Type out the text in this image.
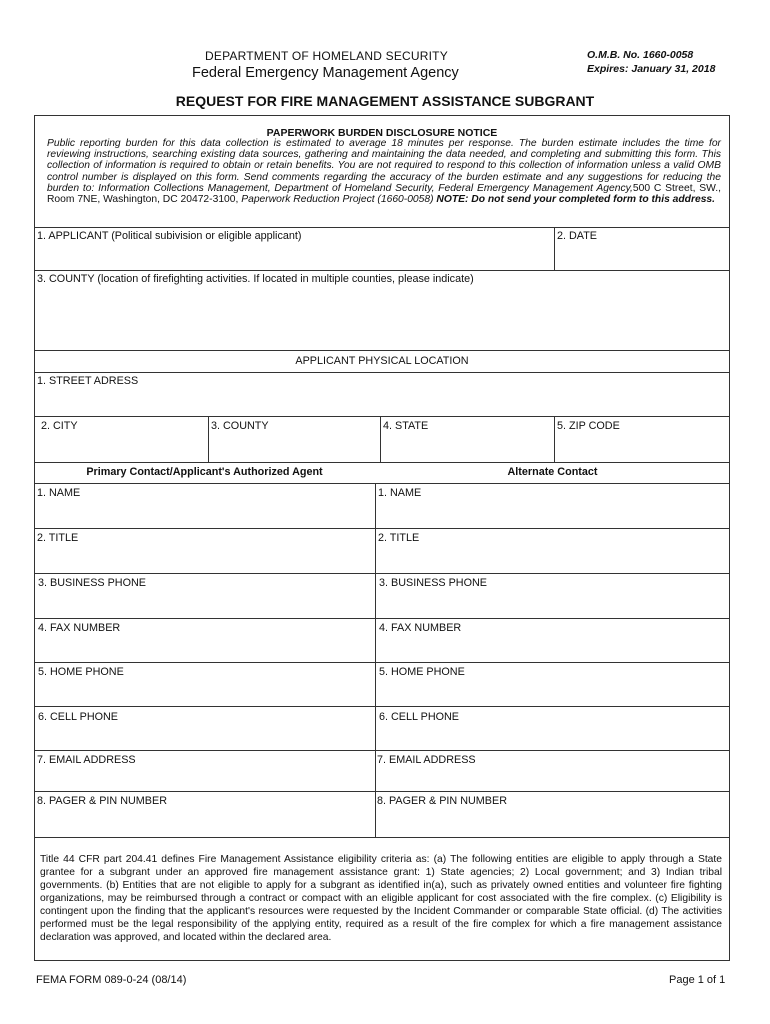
DEPARTMENT OF HOMELAND SECURITY
Federal Emergency Management Agency
O.M.B. No. 1660-0058
Expires: January 31, 2018
REQUEST FOR FIRE MANAGEMENT ASSISTANCE SUBGRANT
PAPERWORK BURDEN DISCLOSURE NOTICE
Public reporting burden for this data collection is estimated to average 18 minutes per response. The burden estimate includes the time for reviewing instructions, searching existing data sources, gathering and maintaining the data needed, and completing and submitting this form. This collection of information is required to obtain or retain benefits. You are not required to respond to this collection of information unless a valid OMB control number is displayed on this form. Send comments regarding the accuracy of the burden estimate and any suggestions for reducing the burden to: Information Collections Management, Department of Homeland Security, Federal Emergency Management Agency,500 C Street, SW., Room 7NE, Washington, DC 20472-3100, Paperwork Reduction Project (1660-0058) NOTE: Do not send your completed form to this address.
1. APPLICANT (Political subivision or eligible applicant)	2. DATE
3. COUNTY (location of firefighting activities. If located in multiple counties, please indicate)
APPLICANT PHYSICAL LOCATION
1. STREET ADRESS
2. CITY	3. COUNTY	4. STATE	5. ZIP CODE
Primary Contact/Applicant's Authorized Agent	Alternate Contact
1. NAME	1. NAME
2. TITLE	2. TITLE
3. BUSINESS PHONE	3. BUSINESS PHONE
4. FAX NUMBER	4. FAX NUMBER
5. HOME PHONE	5. HOME PHONE
6. CELL PHONE	6. CELL PHONE
7. EMAIL ADDRESS	7. EMAIL ADDRESS
8. PAGER & PIN NUMBER	8. PAGER & PIN NUMBER
Title 44 CFR part 204.41 defines Fire Management Assistance eligibility criteria as: (a) The following entities are eligible to apply through a State grantee for a subgrant under an approved fire management assistance grant: 1) State agencies; 2) Local government; and 3) Indian tribal governments. (b) Entities that are not eligible to apply for a subgrant as identified in(a), such as privately owned entities and volunteer fire fighting organizations, may be reimbursed through a contract or compact with an eligible applicant for cost associated with the fire complex. (c) Eligibility is contingent upon the finding that the applicant's resources were requested by the Incident Commander or comparable State official. (d) The activities performed must be the legal responsibility of the applying entity, required as a result of the fire complex for which a fire management assistance declaration was approved, and located within the declared area.
FEMA FORM 089-0-24 (08/14)	Page 1 of 1
